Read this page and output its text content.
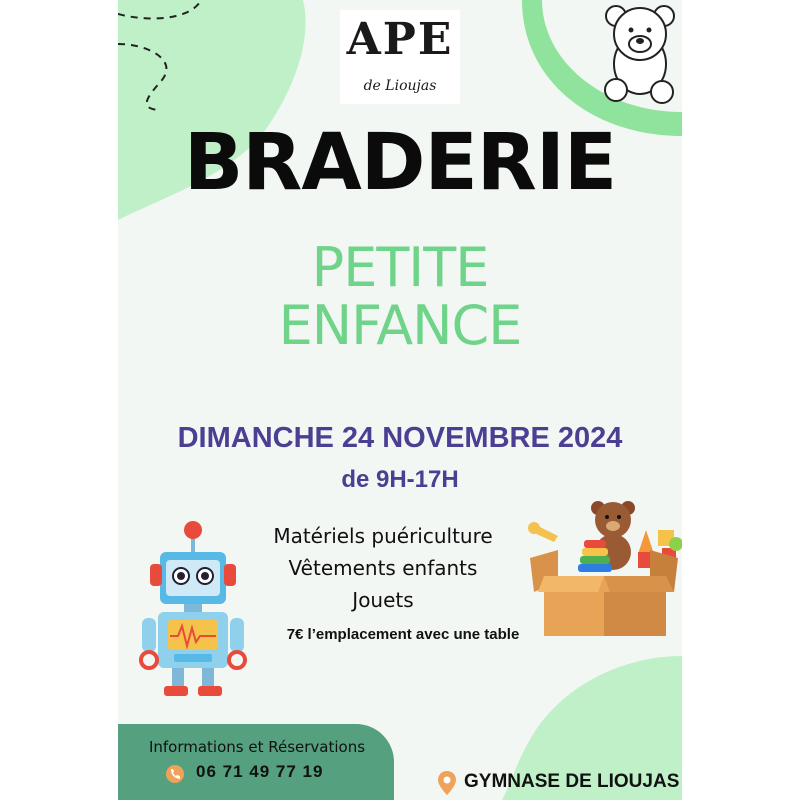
APE
de Lioujas
BRADERIE
PETITE
ENFANCE
DIMANCHE 24 NOVEMBRE 2024
de 9H-17H
Matériels puériculture
Vêtements enfants
Jouets
7€ l’emplacement avec une table
Informations et Réservations
06 71 49 77 19	GYMNASE DE LIOUJAS
